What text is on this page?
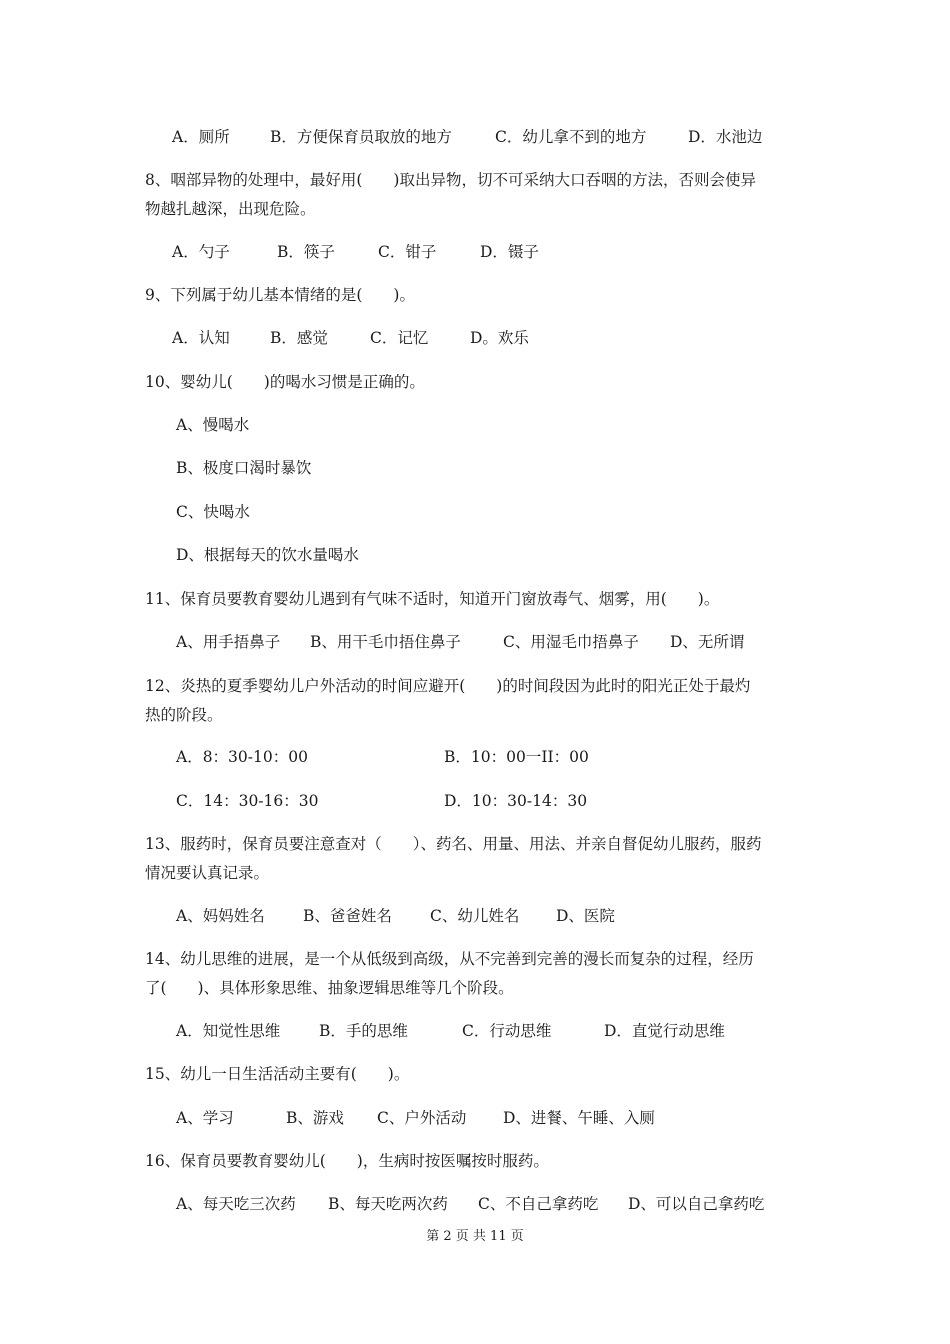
A．厕所	B．方便保育员取放的地方	C．幼儿拿不到的地方	D．水池边
8、咽部异物的处理中，最好用(　　)取出异物，切不可采纳大口吞咽的方法，否则会使异
物越扎越深，出现危险。
A．勺子	B．筷子	C．钳子	D．镊子
9、下列属于幼儿基本情绪的是(　　)。
A．认知	B．感觉	C．记忆	D。欢乐
10、婴幼儿(　　)的喝水习惯是正确的。
A、慢喝水
B、极度口渴时暴饮
C、快喝水
D、根据每天的饮水量喝水
11、保育员要教育婴幼儿遇到有气味不适时，知道开门窗放毒气、烟雾，用(　　)。
A、用手捂鼻子 B、用干毛巾捂住鼻子	C、用湿毛巾捂鼻子 D、无所谓
12、炎热的夏季婴幼儿户外活动的时间应避开(　　)的时间段因为此时的阳光正处于最灼
热的阶段。
A．8：30-10：00	B．10：00一II：00
C．14：30-16：30	D．10：30-14：30
13、服药时，保育员要注意查对（　　）、药名、用量、用法、并亲自督促幼儿服药，服药
情况要认真记录。
A、妈妈姓名 B、爸爸姓名 C、幼儿姓名 D、医院
14、幼儿思维的进展，是一个从低级到高级，从不完善到完善的漫长而复杂的过程，经历
了(　　)、具体形象思维、抽象逻辑思维等几个阶段。
A．知觉性思维	B．手的思维	C．行动思维	D．直觉行动思维
15、幼儿一日生活活动主要有(　　)。
A、学习	B、游戏 C、户外活动 D、进餐、午睡、入厕
16、保育员要教育婴幼儿(　　)，生病时按医嘱按时服药。
A、每天吃三次药 B、每天吃两次药 C、不自己拿药吃 D、可以自己拿药吃
第 2 页 共 11 页
